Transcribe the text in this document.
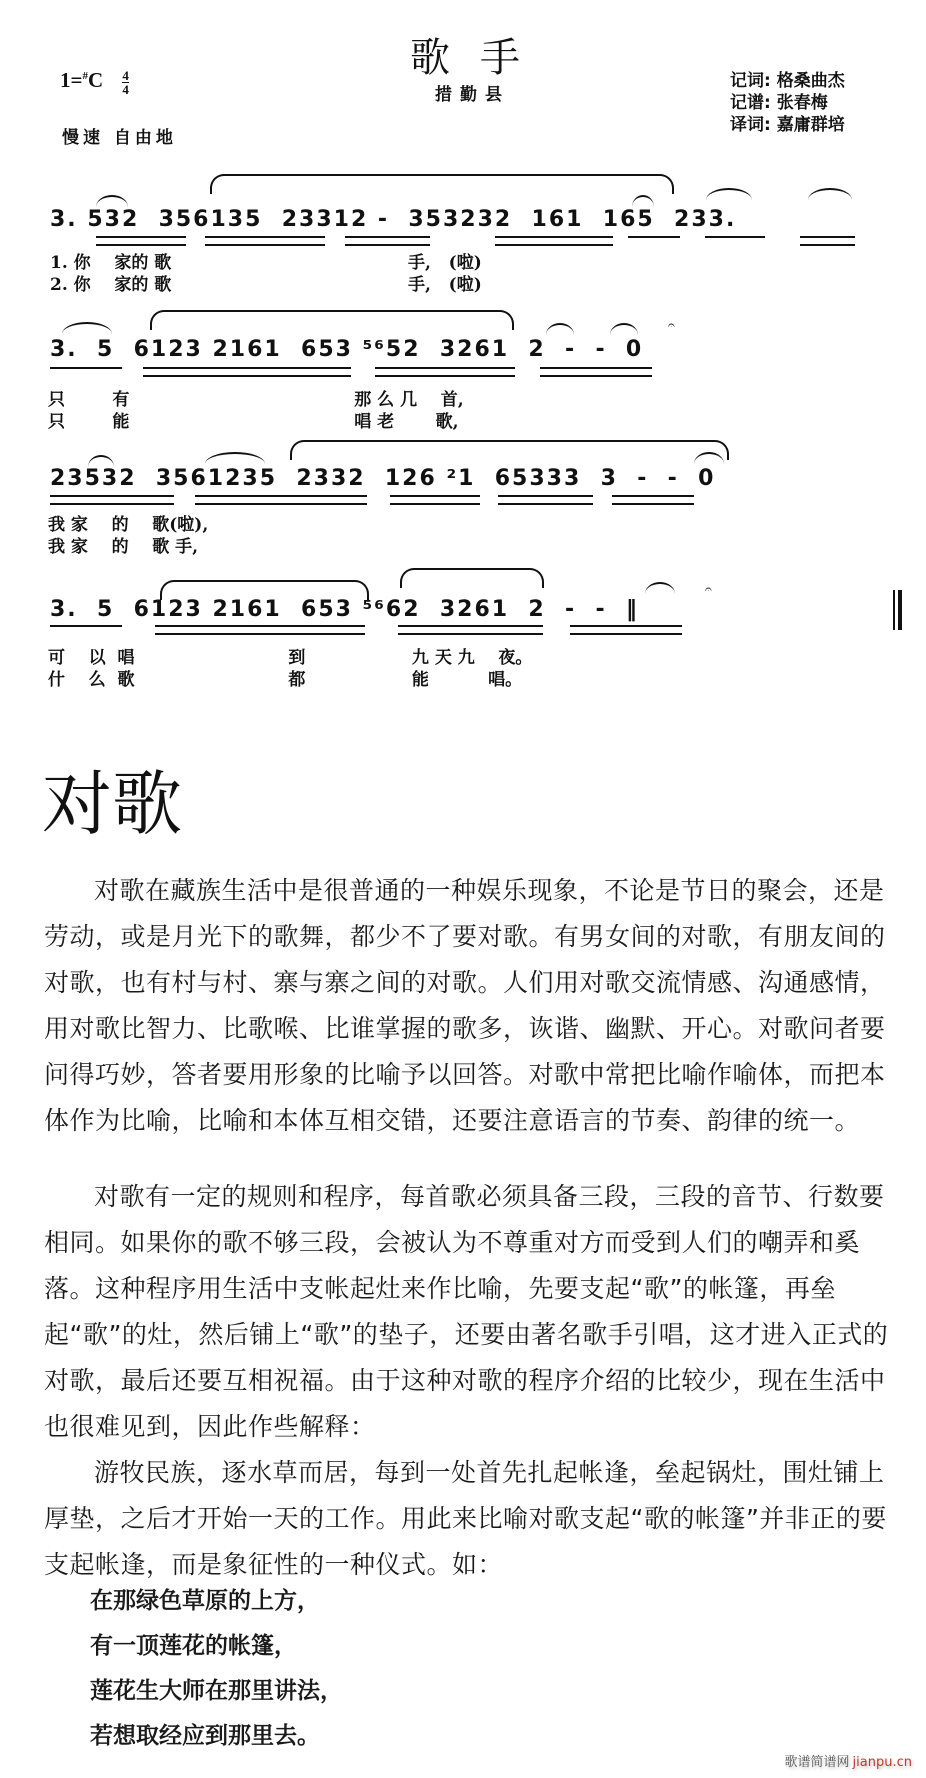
歌手
措勤县
$1=^{\#}C \frac{4}{4}$
慢速 自由地
记词: 格桑曲杰
记谱: 张春梅
译词: 嘉庸群培
3. 532  356135  23312 -  353232  161  165  233.
1. 你    家的 歌                                        手,   (啦)
2. 你    家的 歌                                        手,   (啦)
3.  5  6123 2161  653 ⁵⁶52  3261  2  -  -  0
𝄐
只        有                                      那 么 几    首,
只        能                                      唱 老       歌,
23532  3561235  2332  126 ²1  65333  3  -  -  0
我 家    的    歌(啦),
我 家    的    歌 手,
3.  5  6123 2161  653 ⁵⁶62  3261  2  -  -  ‖
𝄐
可    以  唱                          到                  九 天 九    夜。
什    么  歌                          都                  能          唱。
对歌
对歌在藏族生活中是很普通的一种娱乐现象，不论是节日的聚会，还是劳动，或是月光下的歌舞，都少不了要对歌。有男女间的对歌，有朋友间的对歌，也有村与村、寨与寨之间的对歌。人们用对歌交流情感、沟通感情，用对歌比智力、比歌喉、比谁掌握的歌多，诙谐、幽默、开心。对歌问者要问得巧妙，答者要用形象的比喻予以回答。对歌中常把比喻作喻体，而把本体作为比喻，比喻和本体互相交错，还要注意语言的节奏、韵律的统一。
对歌有一定的规则和程序，每首歌必须具备三段，三段的音节、行数要相同。如果你的歌不够三段，会被认为不尊重对方而受到人们的嘲弄和奚落。这种程序用生活中支帐起灶来作比喻，先要支起“歌”的帐篷，再垒起“歌”的灶，然后铺上“歌”的垫子，还要由著名歌手引唱，这才进入正式的对歌，最后还要互相祝福。由于这种对歌的程序介绍的比较少，现在生活中也很难见到，因此作些解释：
游牧民族，逐水草而居，每到一处首先扎起帐逢，垒起锅灶，围灶铺上厚垫，之后才开始一天的工作。用此来比喻对歌支起“歌的帐篷”并非正的要支起帐逢，而是象征性的一种仪式。如：
在那绿色草原的上方，
有一顶莲花的帐篷，
莲花生大师在那里讲法，
若想取经应到那里去。
歌谱简谱网 jianpu.cn
